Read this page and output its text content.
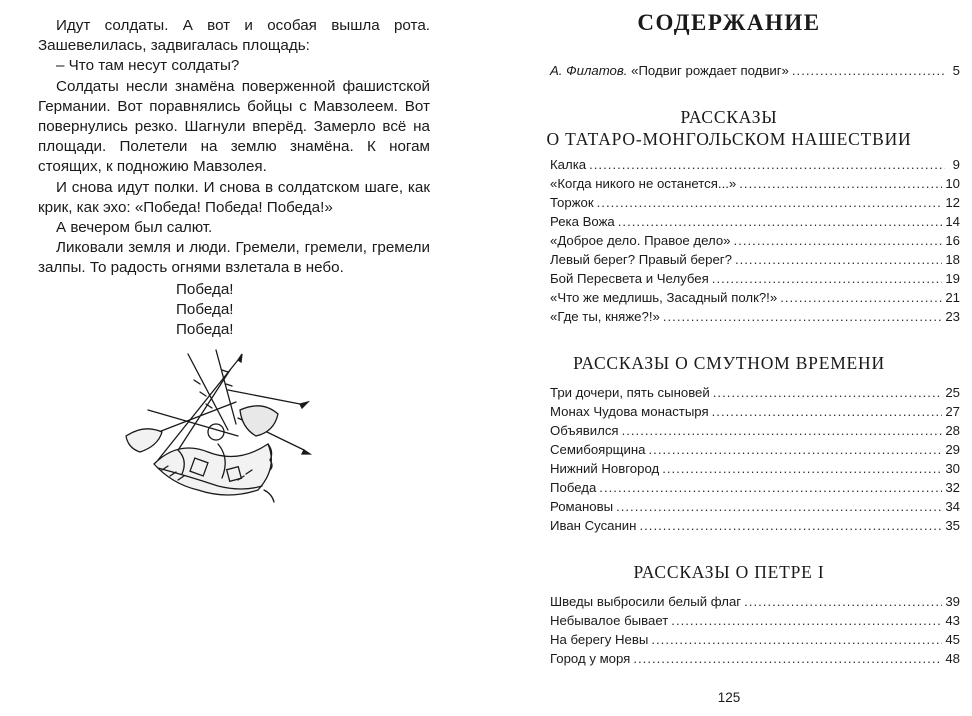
Идут солдаты. А вот и особая вышла рота. Зашевелилась, задвигалась площадь:

– Что там несут солдаты?

Солдаты несли знамёна поверженной фашистской Германии. Вот поравнялись бойцы с Мавзолеем. Вот повернулись резко. Шагнули вперёд. Замерло всё на площади. Полетели на землю знамёна. К ногам стоящих, к подножию Мавзолея.

И снова идут полки. И снова в солдатском шаге, как крик, как эхо: «Победа! Победа! Победа!»

А вечером был салют.

Ликовали земля и люди. Гремели, гремели, гремели залпы. То радость огнями взлетала в небо.

Победа!
Победа!
Победа!
СОДЕРЖАНИЕ
А. Филатов. «Подвиг рождает подвиг» .....	5
РАССКАЗЫ
О ТАТАРО-МОНГОЛЬСКОМ НАШЕСТВИИ
Калка .....	9
«Когда никого не останется...» .....	10
Торжок .....	12
Река Вожа .....	14
«Доброе дело. Правое дело» .....	16
Левый берег? Правый берег? .....	18
Бой Пересвета и Челубея .....	19
«Что же медлишь, Засадный полк?!» .....	21
«Где ты, княже?!» .....	23
РАССКАЗЫ О СМУТНОМ ВРЕМЕНИ
Три дочери, пять сыновей .....	25
Монах Чудова монастыря .....	27
Объявился .....	28
Семибоярщина .....	29
Нижний Новгород .....	30
Победа .....	32
Романовы .....	34
Иван Сусанин .....	35
РАССКАЗЫ О ПЕТРЕ I
Шведы выбросили белый флаг .....	39
Небывалое бывает .....	43
На берегу Невы .....	45
Город у моря .....	48
125
